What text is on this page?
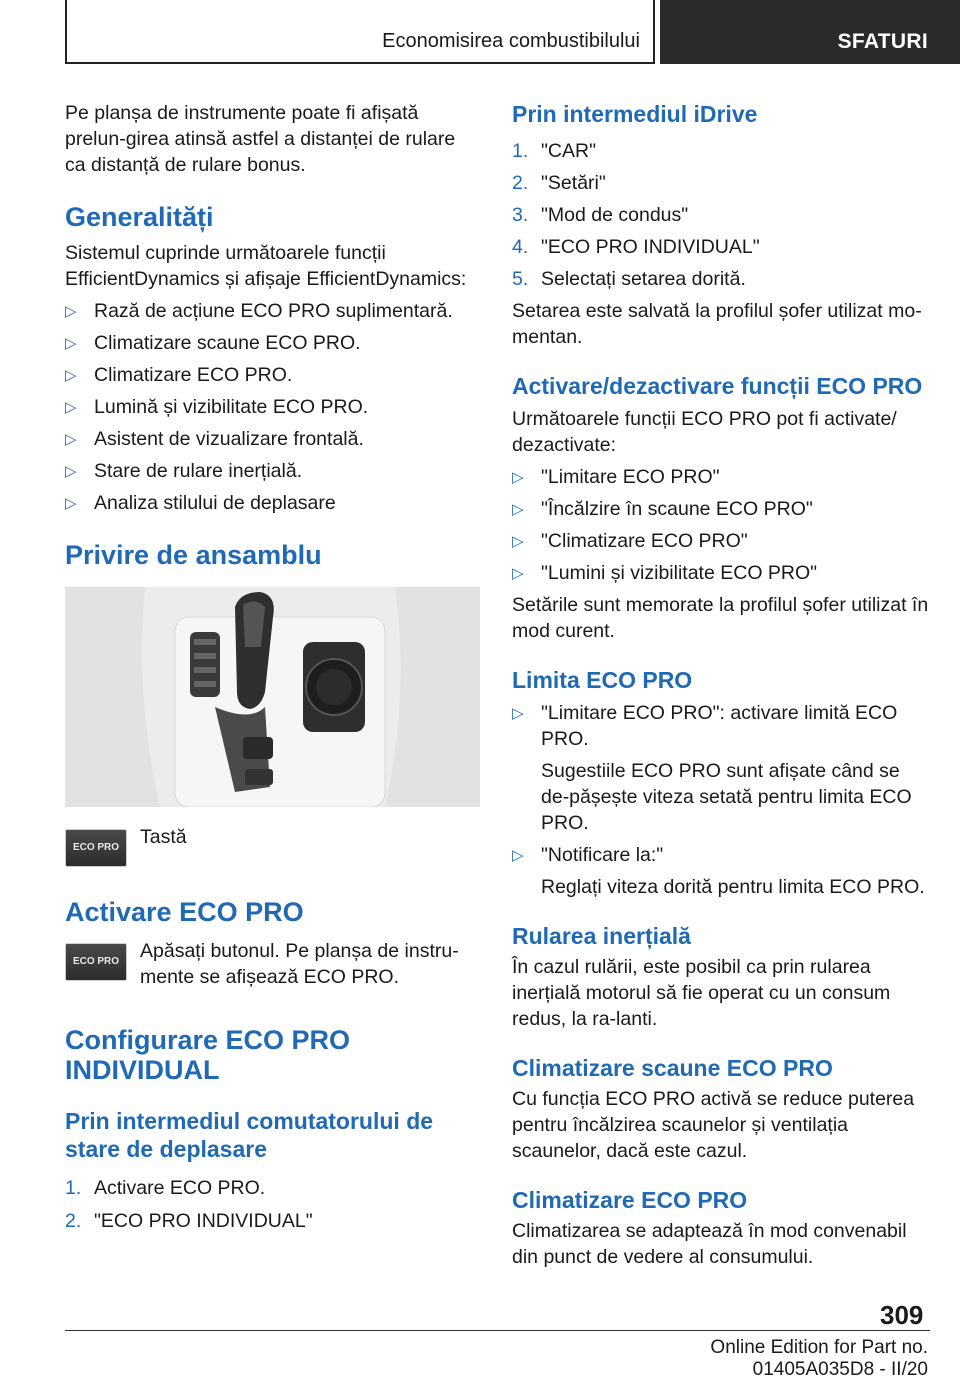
Economisirea combustibilului	SFATURI

Pe planșa de instrumente poate fi afișată prelun-girea atinsă astfel a distanței de rulare ca distanță de rulare bonus.

Generalități

Sistemul cuprinde următoarele funcții EfficientDynamics și afișaje EfficientDynamics:

▷ Rază de acțiune ECO PRO suplimentară.
▷ Climatizare scaune ECO PRO.
▷ Climatizare ECO PRO.
▷ Lumină și vizibilitate ECO PRO.
▷ Asistent de vizualizare frontală.
▷ Stare de rulare inerțială.
▷ Analiza stilului de deplasare
Privire de ansamblu
ECO PRO	Tastă

Activare ECO PRO
ECO PRO	Apăsați butonul. Pe planșa de instru-mente se afișează ECO PRO.

Configurare ECO PRO INDIVIDUAL
Prin intermediul comutatorului de stare de deplasare
1. Activare ECO PRO.
2. "ECO PRO INDIVIDUAL"
Prin intermediul iDrive
1. "CAR"
2. "Setări"
3. "Mod de condus"
4. "ECO PRO INDIVIDUAL"
5. Selectați setarea dorită.

Setarea este salvată la profilul șofer utilizat mo-mentan.

Activare/dezactivare funcții ECO PRO

Următoarele funcții ECO PRO pot fi activate/ dezactivate:

▷ "Limitare ECO PRO"
▷ "Încălzire în scaune ECO PRO"
▷ "Climatizare ECO PRO"
▷ "Lumini și vizibilitate ECO PRO"

Setările sunt memorate la profilul șofer utilizat în mod curent.

Limita ECO PRO
▷ "Limitare ECO PRO": activare limită ECO PRO.

Sugestiile ECO PRO sunt afișate când se de-pășește viteza setată pentru limita ECO PRO.

▷ "Notificare la:"

Reglați viteza dorită pentru limita ECO PRO.

Rularea inerțială

În cazul rulării, este posibil ca prin rularea inerțială motorul să fie operat cu un consum redus, la ra-lanti.

Climatizare scaune ECO PRO

Cu funcția ECO PRO activă se reduce puterea pentru încălzirea scaunelor și ventilația scaunelor, dacă este cazul.

Climatizare ECO PRO

Climatizarea se adaptează în mod convenabil din punct de vedere al consumului.

309
Online Edition for Part no. 01405A035D8 - II/20
